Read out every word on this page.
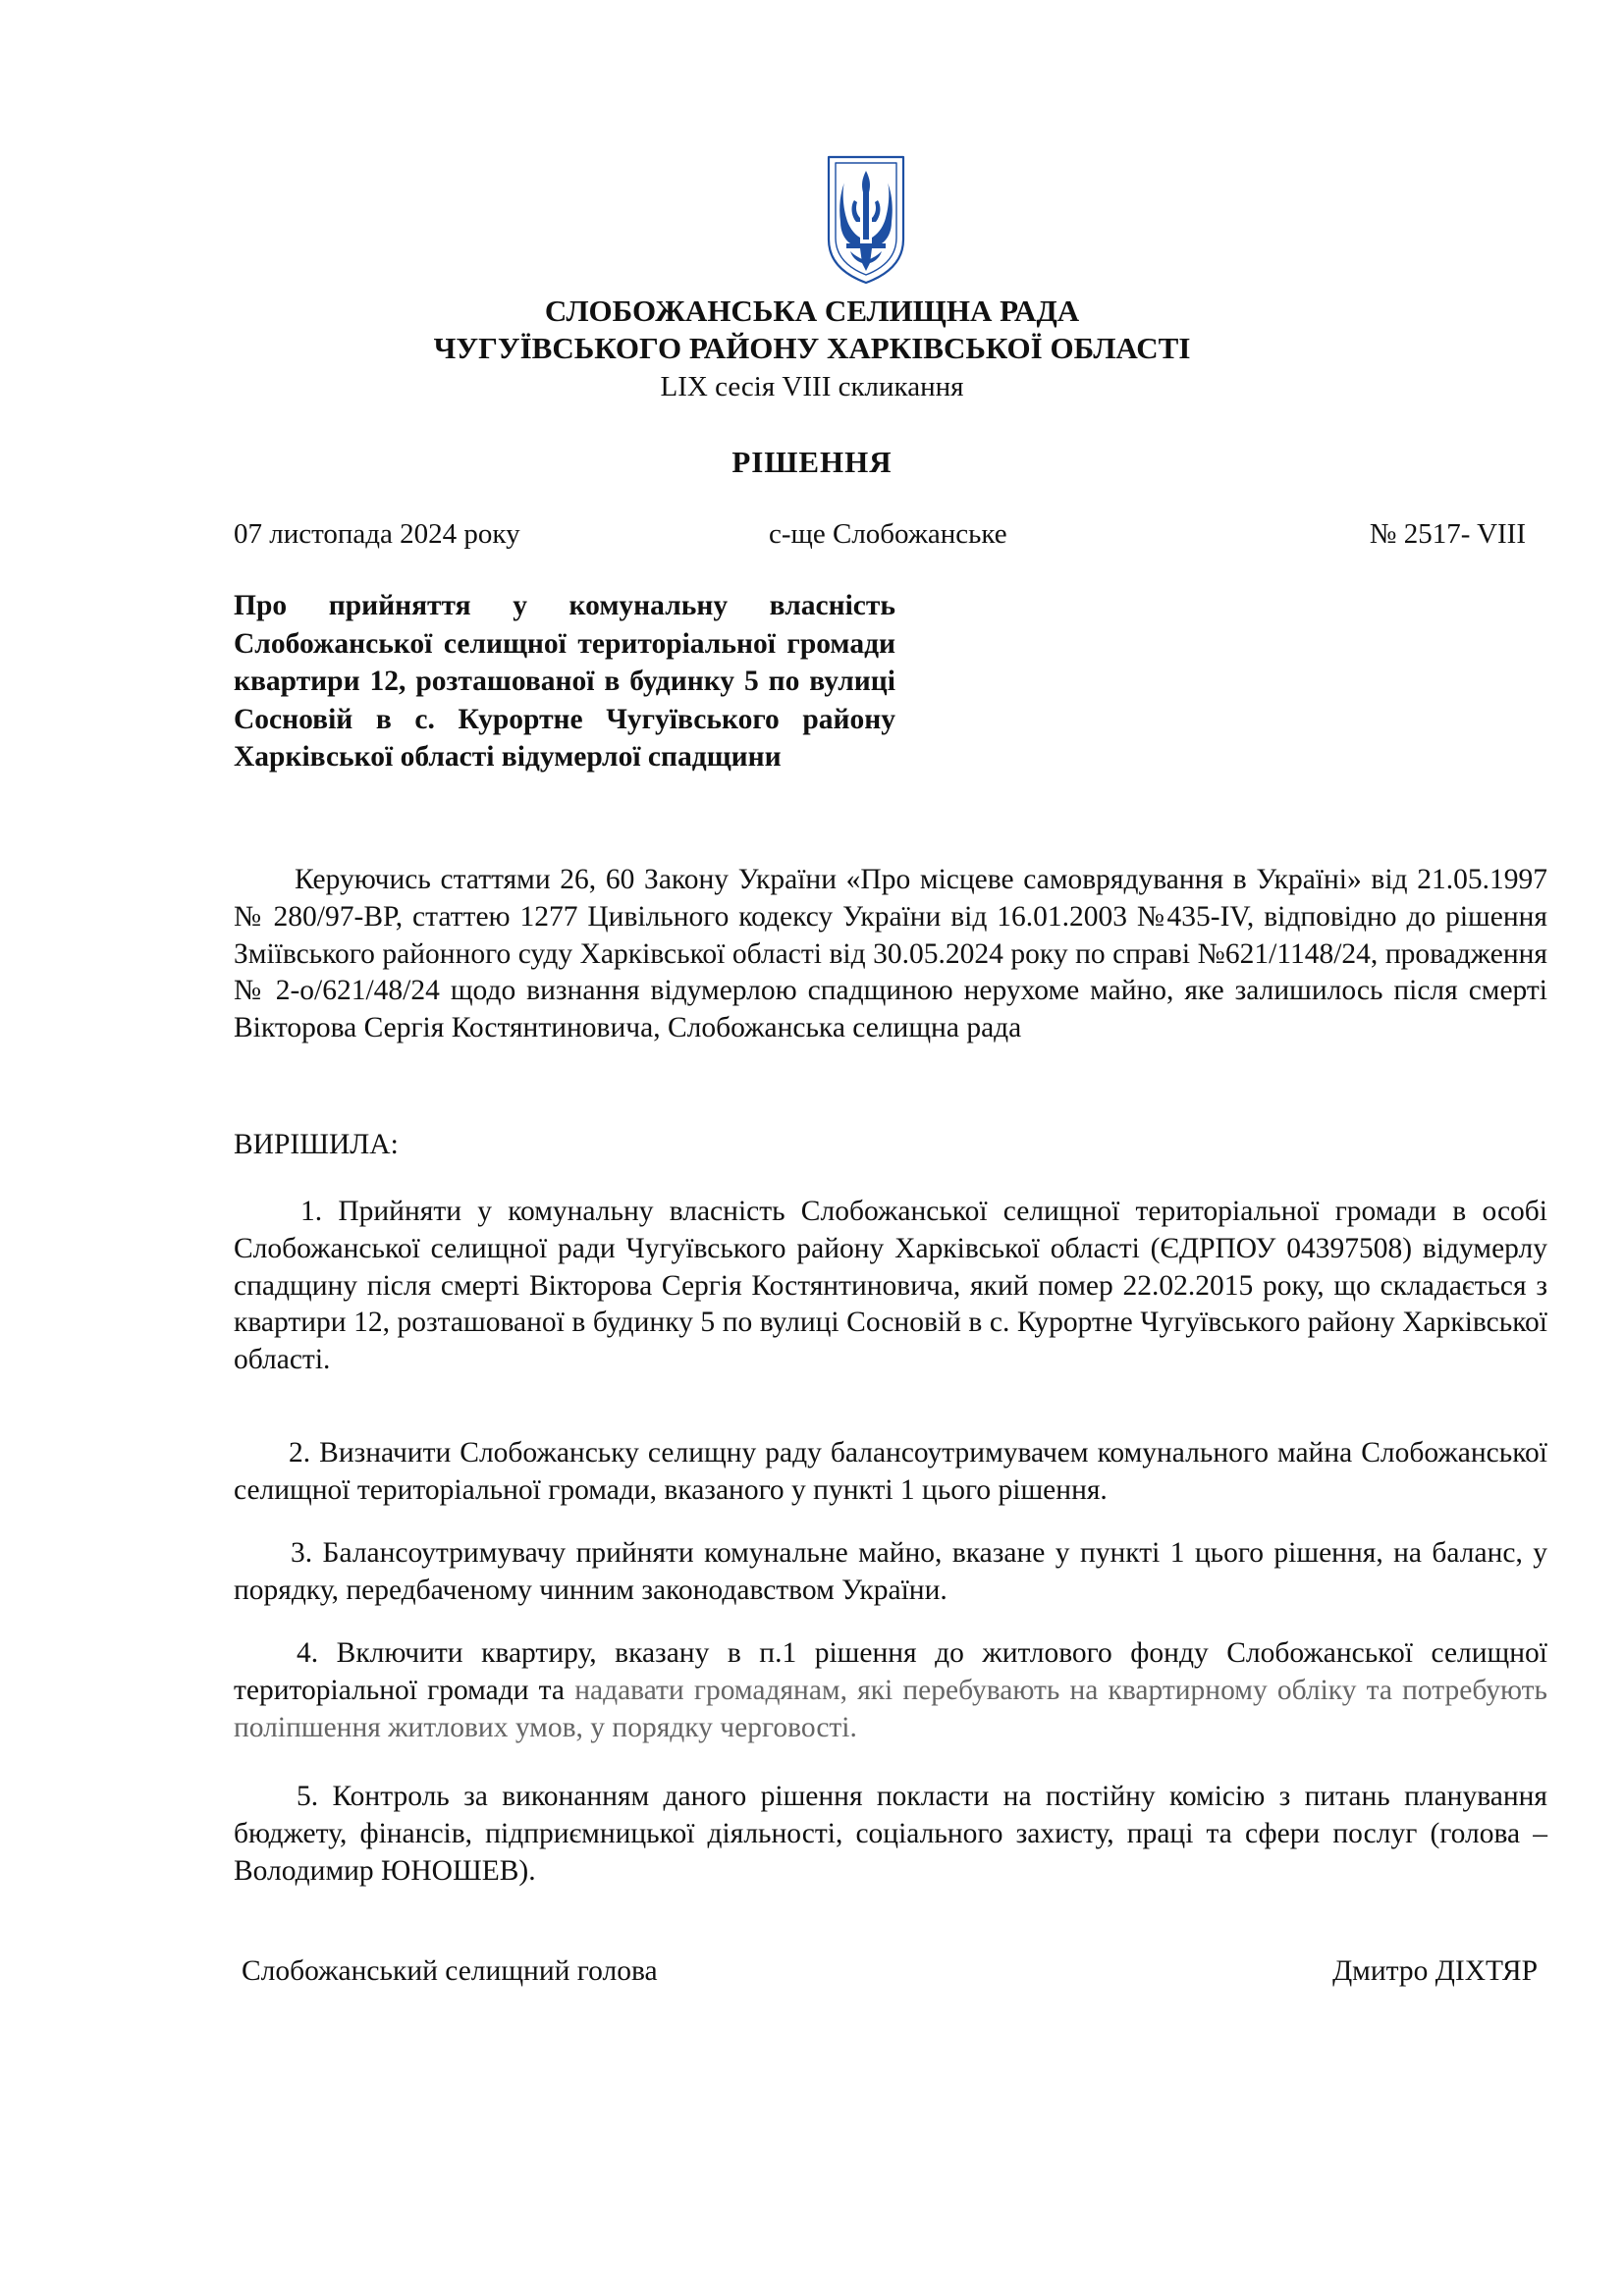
СЛОБОЖАНСЬКА СЕЛИЩНА РАДА
ЧУГУЇВСЬКОГО РАЙОНУ ХАРКІВСЬКОЇ ОБЛАСТІ
LIX сесія VIII скликання
РІШЕННЯ
07 листопада 2024 року	с-ще Слобожанське	№ 2517- VIII
Про прийняття у комунальну власність Слобожанської селищної територіальної громади квартири 12, розташованої в будинку 5 по вулиці Сосновій в с. Курортне Чугуївського району Харківської області відумерлої спадщини
Керуючись статтями 26, 60 Закону України «Про місцеве самоврядування в Україні» від 21.05.1997 № 280/97-ВР, статтею 1277 Цивільного кодексу України від 16.01.2003 №435-IV, відповідно до рішення Зміївського районного суду Харківської області від 30.05.2024 року по справі №621/1148/24, провадження № 2-о/621/48/24 щодо визнання відумерлою спадщиною нерухоме майно, яке залишилось після смерті Вікторова Сергія Костянтиновича, Слобожанська селищна рада
ВИРІШИЛА:
1. Прийняти у комунальну власність Слобожанської селищної територіальної громади в особі Слобожанської селищної ради Чугуївського району Харківської області (ЄДРПОУ 04397508) відумерлу спадщину після смерті Вікторова Сергія Костянтиновича, який помер 22.02.2015 року, що складається з квартири 12, розташованої в будинку 5 по вулиці Сосновій в с. Курортне Чугуївського району Харківської області.
2. Визначити Слобожанську селищну раду балансоутримувачем комунального майна Слобожанської селищної територіальної громади, вказаного у пункті 1 цього рішення.
3. Балансоутримувачу прийняти комунальне майно, вказане у пункті 1 цього рішення, на баланс, у порядку, передбаченому чинним законодавством України.
4. Включити квартиру, вказану в п.1 рішення до житлового фонду Слобожанської селищної територіальної громади та надавати громадянам, які перебувають на квартирному обліку та потребують поліпшення житлових умов, у порядку черговості.
5. Контроль за виконанням даного рішення покласти на постійну комісію з питань планування бюджету, фінансів, підприємницької діяльності, соціального захисту, праці та сфери послуг (голова – Володимир ЮНОШЕВ).
Слобожанський селищний голова	Дмитро ДІХТЯР
